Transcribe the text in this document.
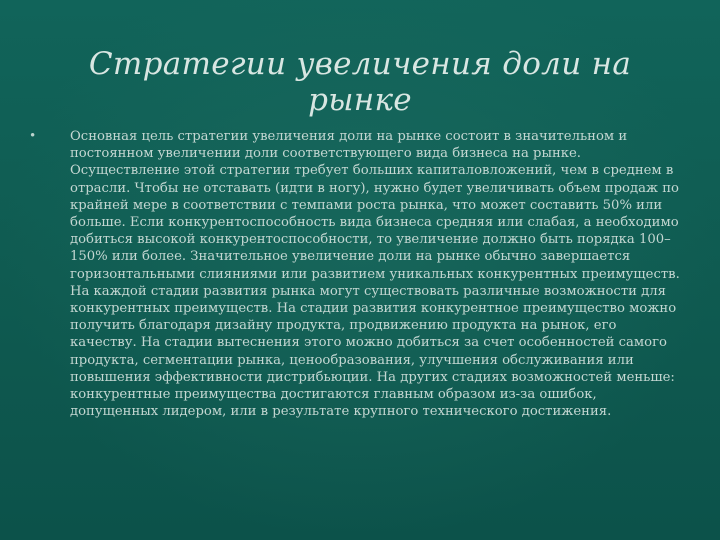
Стратегии увеличения доли на рынке
•	Основная цель стратегии увеличения доли на рынке состоит в значительном и постоянном увеличении доли соответствующего вида бизнеса на рынке. Осуществление этой стратегии требует больших капиталовложений, чем в среднем в отрасли. Чтобы не отставать (идти в ногу), нужно будет увеличивать объем продаж по крайней мере в соответствии с темпами роста рынка, что может составить 50% или больше. Если конкурентоспособность вида бизнеса средняя или слабая, а необходимо добиться высокой конкурентоспособности, то увеличение должно быть порядка 100–150% или более. Значительное увеличение доли на рынке обычно завершается горизонтальными слияниями или развитием уникальных конкурентных преимуществ. На каждой стадии развития рынка могут существовать различные возможности для конкурентных преимуществ. На стадии развития конкурентное преимущество можно получить благодаря дизайну продукта, продвижению продукта на рынок, его качеству. На стадии вытеснения этого можно добиться за счет особенностей самого продукта, сегментации рынка, ценообразования, улучшения обслуживания или повышения эффективности дистрибьюции. На других стадиях возможностей меньше: конкурентные преимущества достигаются главным образом из-за ошибок, допущенных лидером, или в результате крупного технического достижения.
